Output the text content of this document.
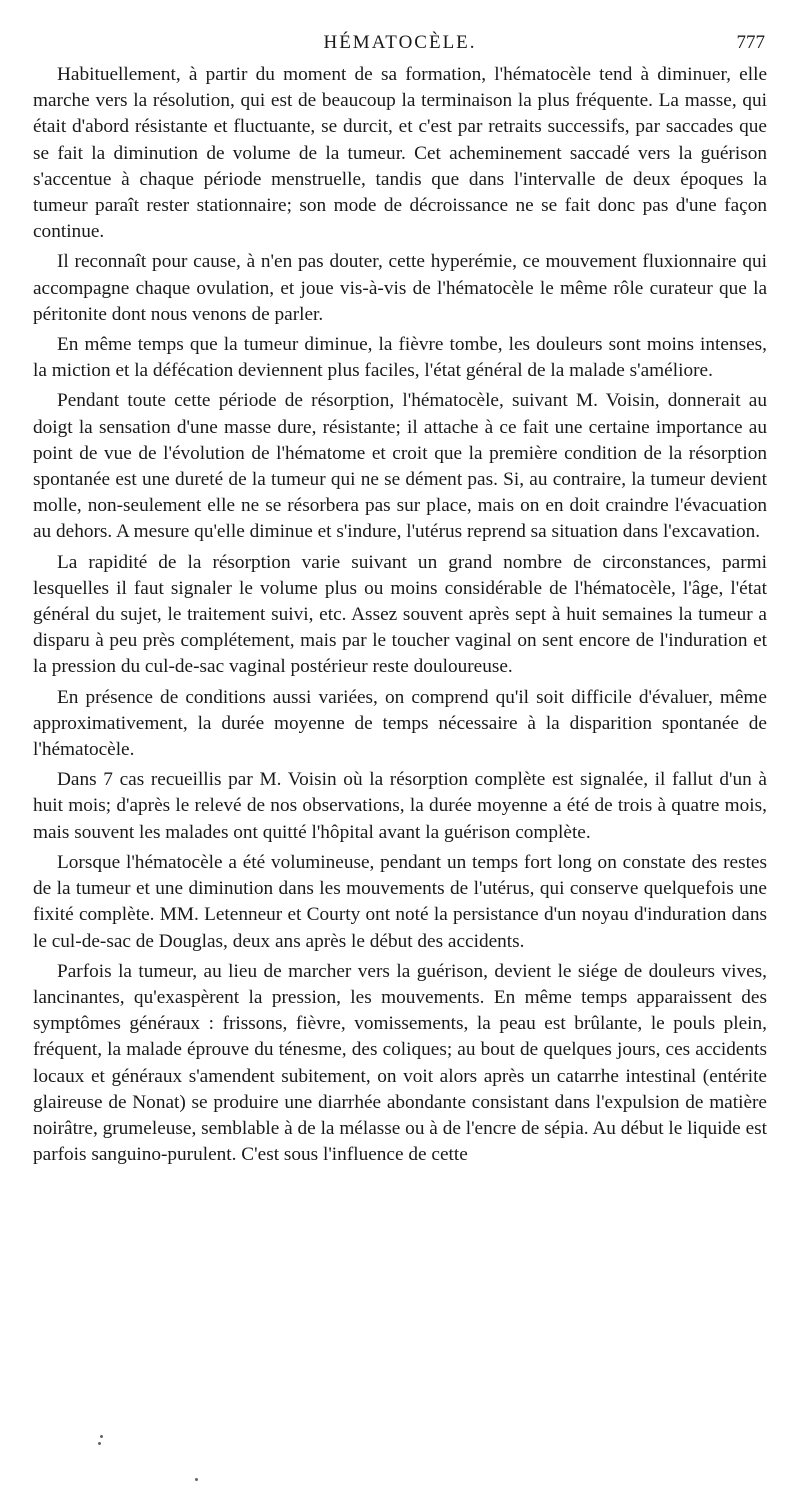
HÉMATOCÈLE.	777

Habituellement, à partir du moment de sa formation, l'hématocèle tend à diminuer, elle marche vers la résolution, qui est de beaucoup la terminaison la plus fréquente. La masse, qui était d'abord résistante et fluctuante, se durcit, et c'est par retraits successifs, par saccades que se fait la diminution de volume de la tumeur. Cet acheminement saccadé vers la guérison s'accentue à chaque période menstruelle, tandis que dans l'intervalle de deux époques la tumeur paraît rester stationnaire; son mode de décroissance ne se fait donc pas d'une façon continue.

Il reconnaît pour cause, à n'en pas douter, cette hyperémie, ce mouvement fluxionnaire qui accompagne chaque ovulation, et joue vis-à-vis de l'hématocèle le même rôle curateur que la péritonite dont nous venons de parler.

En même temps que la tumeur diminue, la fièvre tombe, les douleurs sont moins intenses, la miction et la défécation deviennent plus faciles, l'état général de la malade s'améliore.

Pendant toute cette période de résorption, l'hématocèle, suivant M. Voisin, donnerait au doigt la sensation d'une masse dure, résistante; il attache à ce fait une certaine importance au point de vue de l'évolution de l'hématome et croit que la première condition de la résorption spontanée est une dureté de la tumeur qui ne se dément pas. Si, au contraire, la tumeur devient molle, non-seulement elle ne se résorbera pas sur place, mais on en doit craindre l'évacuation au dehors. A mesure qu'elle diminue et s'indure, l'utérus reprend sa situation dans l'excavation.

La rapidité de la résorption varie suivant un grand nombre de circonstances, parmi lesquelles il faut signaler le volume plus ou moins considérable de l'hématocèle, l'âge, l'état général du sujet, le traitement suivi, etc. Assez souvent après sept à huit semaines la tumeur a disparu à peu près complétement, mais par le toucher vaginal on sent encore de l'induration et la pression du cul-de-sac vaginal postérieur reste douloureuse.

En présence de conditions aussi variées, on comprend qu'il soit difficile d'évaluer, même approximativement, la durée moyenne de temps nécessaire à la disparition spontanée de l'hématocèle.

Dans 7 cas recueillis par M. Voisin où la résorption complète est signalée, il fallut d'un à huit mois; d'après le relevé de nos observations, la durée moyenne a été de trois à quatre mois, mais souvent les malades ont quitté l'hôpital avant la guérison complète.

Lorsque l'hématocèle a été volumineuse, pendant un temps fort long on constate des restes de la tumeur et une diminution dans les mouvements de l'utérus, qui conserve quelquefois une fixité complète. MM. Letenneur et Courty ont noté la persistance d'un noyau d'induration dans le cul-de-sac de Douglas, deux ans après le début des accidents.

Parfois la tumeur, au lieu de marcher vers la guérison, devient le siége de douleurs vives, lancinantes, qu'exaspèrent la pression, les mouvements. En même temps apparaissent des symptômes généraux : frissons, fièvre, vomissements, la peau est brûlante, le pouls plein, fréquent, la malade éprouve du ténesme, des coliques; au bout de quelques jours, ces accidents locaux et généraux s'amendent subitement, on voit alors après un catarrhe intestinal (entérite glaireuse de Nonat) se produire une diarrhée abondante consistant dans l'expulsion de matière noirâtre, grumeleuse, semblable à de la mélasse ou à de l'encre de sépia. Au début le liquide est parfois sanguino-purulent. C'est sous l'influence de cette
